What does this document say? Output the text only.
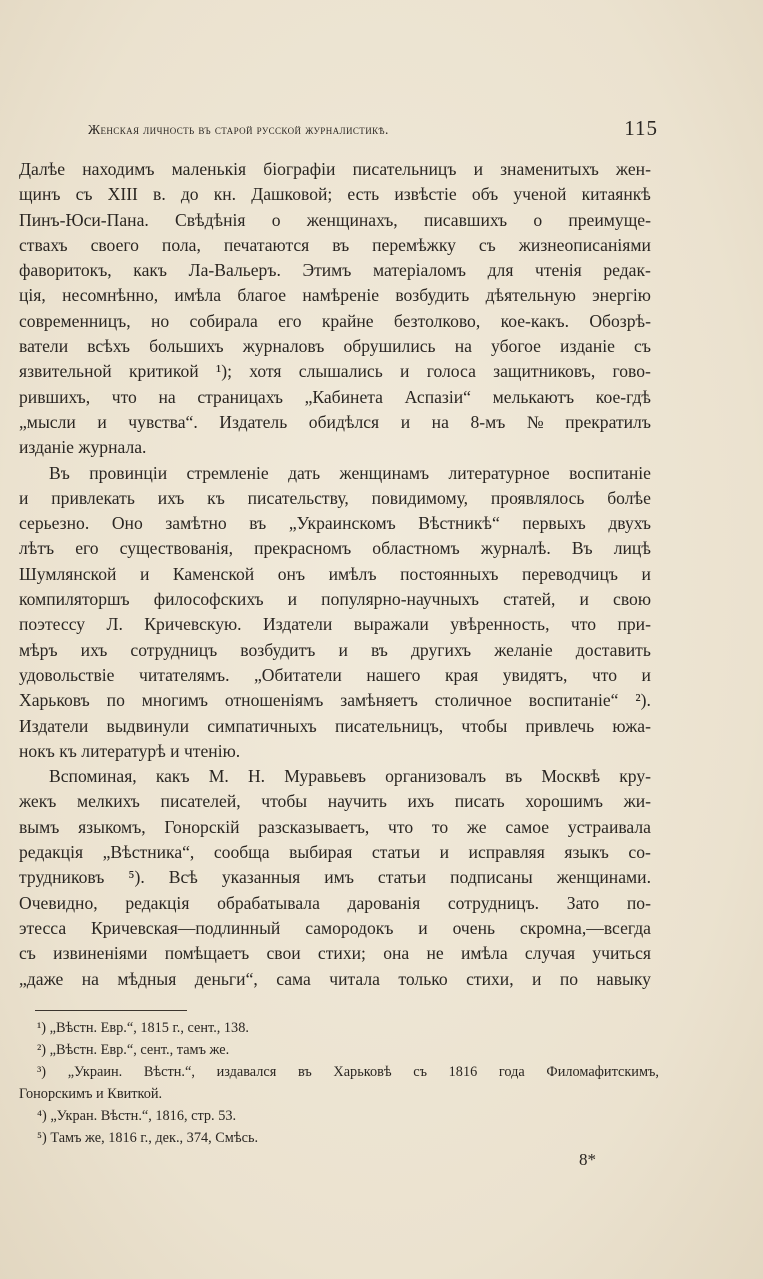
Женская личность въ старой русской журналистикѣ.	115
Далѣе находимъ маленькія біографіи писательницъ и знаменитыхъ жен-
щинъ съ XIII в. до кн. Дашковой; есть извѣстіе объ ученой китаянкѣ
Пинъ-Юси-Пана. Свѣдѣнія о женщинахъ, писавшихъ о преимуще-
ствахъ своего пола, печатаются въ перемѣжку съ жизнеописаніями
фаворитокъ, какъ Ла-Вальеръ. Этимъ матеріаломъ для чтенія редак-
ція, несомнѣнно, имѣла благое намѣреніе возбудить дѣятельную энергію
современницъ, но собирала его крайне безтолково, кое-какъ. Обозрѣ-
ватели всѣхъ большихъ журналовъ обрушились на убогое изданіе съ
язвительной критикой ¹); хотя слышались и голоса защитниковъ, гово-
рившихъ, что на страницахъ „Кабинета Аспазіи“ мелькаютъ кое-гдѣ
„мысли и чувства“. Издатель обидѣлся и на 8-мъ № прекратилъ
изданіе журнала.
Въ провинціи стремленіе дать женщинамъ литературное воспитаніе
и привлекать ихъ къ писательству, повидимому, проявлялось болѣе
серьезно. Оно замѣтно въ „Украинскомъ Вѣстникѣ“ первыхъ двухъ
лѣтъ его существованія, прекрасномъ областномъ журналѣ. Въ лицѣ
Шумлянской и Каменской онъ имѣлъ постоянныхъ переводчицъ и
компиляторшъ философскихъ и популярно-научныхъ статей, и свою
поэтессу Л. Кричевскую. Издатели выражали увѣренность, что при-
мѣръ ихъ сотрудницъ возбудитъ и въ другихъ желаніе доставить
удовольствіе читателямъ. „Обитатели нашего края увидятъ, что и
Харьковъ по многимъ отношеніямъ замѣняетъ столичное воспитаніе“ ²).
Издатели выдвинули симпатичныхъ писательницъ, чтобы привлечь южа-
нокъ къ литературѣ и чтенію.
Вспоминая, какъ М. Н. Муравьевъ организовалъ въ Москвѣ кру-
жекъ мелкихъ писателей, чтобы научить ихъ писать хорошимъ жи-
вымъ языкомъ, Гонорскій разсказываетъ, что то же самое устраивала
редакція „Вѣстника“, сообща выбирая статьи и исправляя языкъ со-
трудниковъ ⁵). Всѣ указанныя имъ статьи подписаны женщинами.
Очевидно, редакція обрабатывала дарованія сотрудницъ. Зато по-
этесса Кричевская—подлинный самородокъ и очень скромна,—всегда
съ извиненіями помѣщаетъ свои стихи; она не имѣла случая учиться
„даже на мѣдныя деньги“, сама читала только стихи, и по навыку
¹) „Вѣстн. Евр.“, 1815 г., сент., 138.
²) „Вѣстн. Евр.“, сент., тамъ же.
³) „Украин. Вѣстн.“, издавался въ Харьковѣ съ 1816 года Филомафитскимъ,
Гонорскимъ и Квиткой.
⁴) „Укран. Вѣстн.“, 1816, стр. 53.
⁵) Тамъ же, 1816 г., дек., 374, Смѣсь.
8*
